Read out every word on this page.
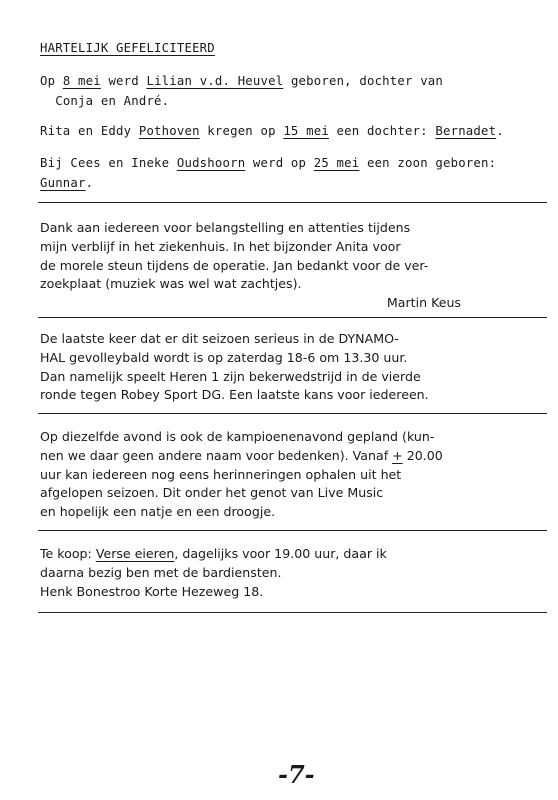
HARTELIJK GEFELICITEERD
Op 8 mei werd Lilian v.d. Heuvel geboren, dochter van
Conja en André.
Rita en Eddy Pothoven kregen op 15 mei een dochter: Bernadet.
Bij Cees en Ineke Oudshoorn werd op 25 mei een zoon geboren:
Gunnar.
Dank aan iedereen voor belangstelling en attenties tijdens
mijn verblijf in het ziekenhuis. In het bijzonder Anita voor
de morele steun tijdens de operatie. Jan bedankt voor de ver-
zoekplaat (muziek was wel wat zachtjes).
Martin Keus
De laatste keer dat er dit seizoen serieus in de DYNAMO-
HAL gevolleybald wordt is op zaterdag 18-6 om 13.30 uur.
Dan namelijk speelt Heren 1 zijn bekerwedstrijd in de vierde
ronde tegen Robey Sport DG. Een laatste kans voor iedereen.
Op diezelfde avond is ook de kampioenenavond gepland (kun-
nen we daar geen andere naam voor bedenken). Vanaf + 20.00
uur kan iedereen nog eens herinneringen ophalen uit het
afgelopen seizoen. Dit onder het genot van Live Music
en hopelijk een natje en een droogje.
Te koop: Verse eieren, dagelijks voor 19.00 uur, daar ik
daarna bezig ben met de bardiensten.
Henk Bonestroo Korte Hezeweg 18.
-7-
